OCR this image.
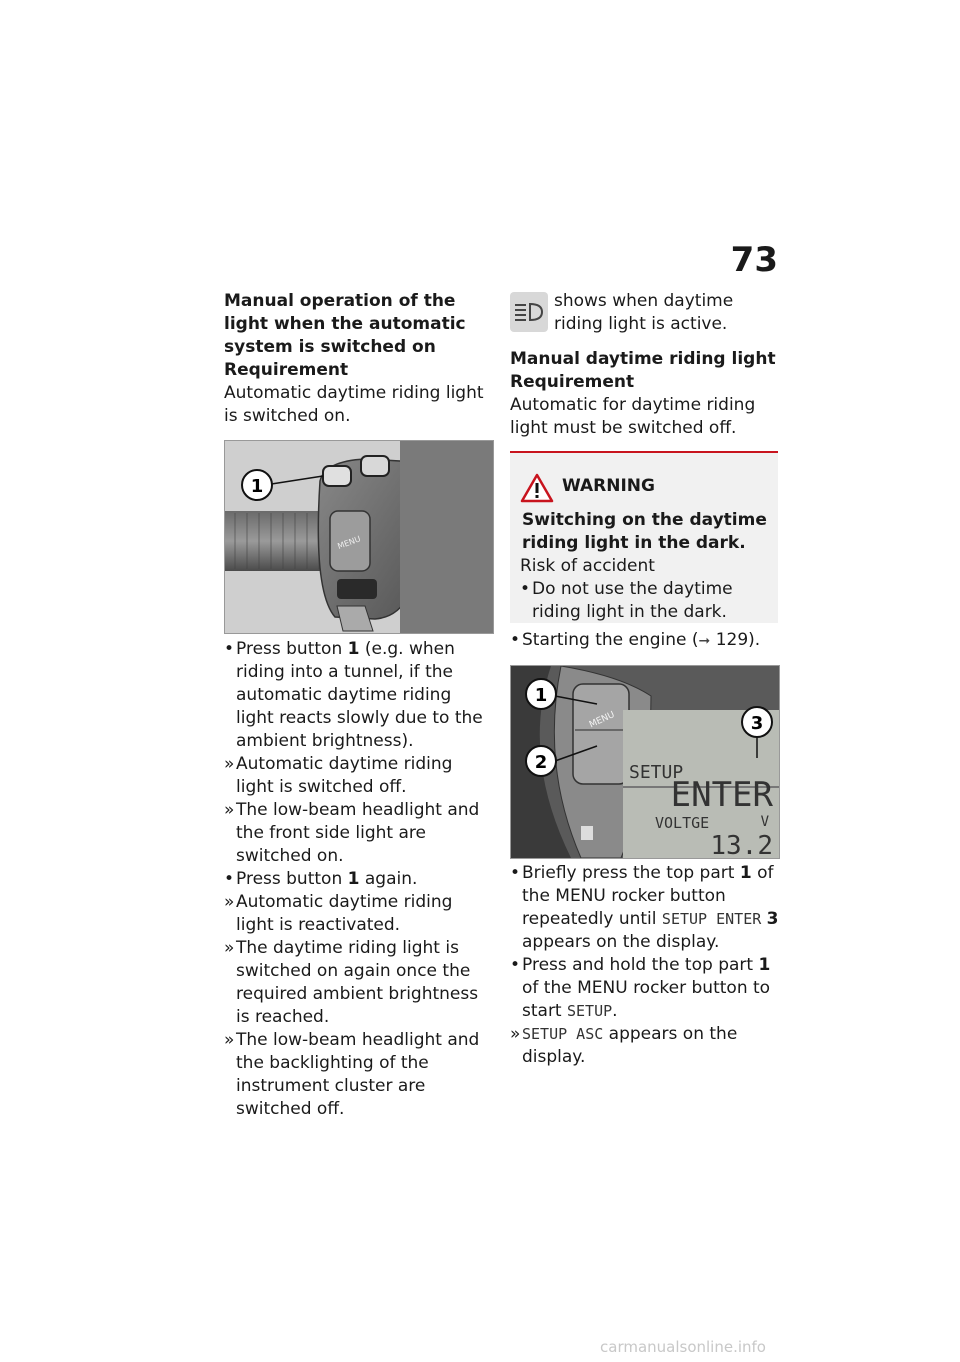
73
Manual operation of the light when the automatic system is switched on
Requirement
Automatic daytime riding light is switched on.
MENU
1
• Press button 1 (e.g. when riding into a tunnel, if the automatic daytime riding light reacts slowly due to the ambient brightness).
» Automatic daytime riding light is switched off.
» The low-beam headlight and the front side light are switched on.
• Press button 1 again.
» Automatic daytime riding light is reactivated.
» The daytime riding light is switched on again once the required ambient brightness is reached.
» The low-beam headlight and the backlighting of the instrument cluster are switched off.
shows when daytime riding light is active.
Manual daytime riding light
Requirement
Automatic for daytime riding light must be switched off.
WARNING
Switching on the daytime riding light in the dark.
Risk of accident
• Do not use the daytime riding light in the dark.
• Starting the engine (➞ 129).
MENU
SETUP
ENTER
VOLTGE	V
13.2
1
2
3
• Briefly press the top part 1 of the MENU rocker button repeatedly until SETUP ENTER 3 appears on the display.
• Press and hold the top part 1 of the MENU rocker button to start SETUP.
» SETUP ASC appears on the display.
carmanualsonline.info
